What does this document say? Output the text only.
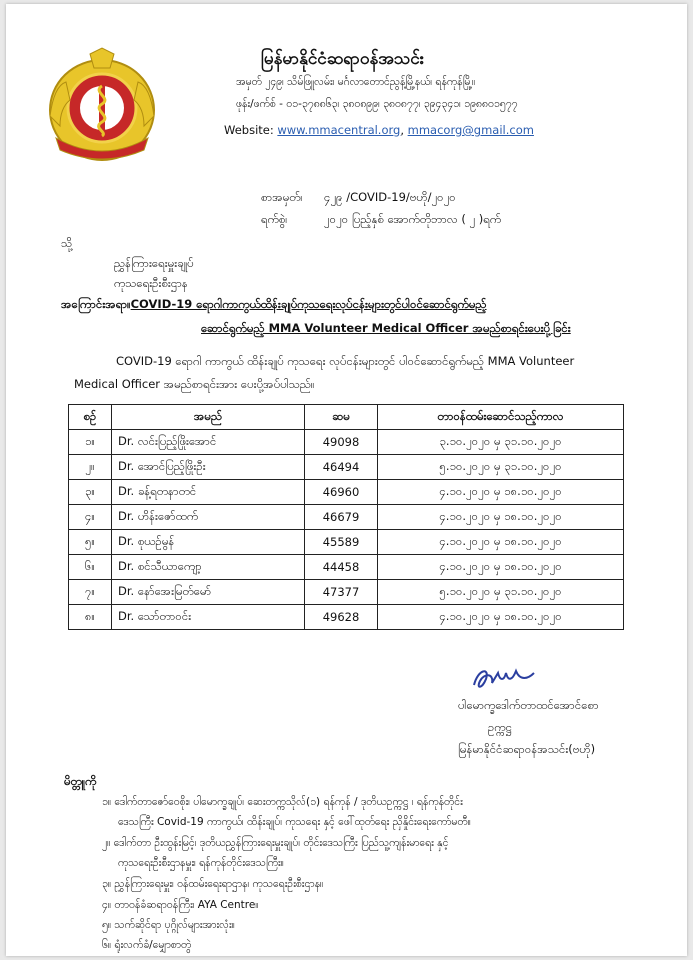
မြန်မာနိုင်ငံဆရာဝန်အသင်း
အမှတ် ၂၄၉၊ သိမ်ဖြူလမ်း၊ မင်္ဂလာတောင်ညွန့်မြို့နယ်၊ ရန်ကုန်မြို့။
ဖုန်း/ဖက်စ် - ၀၁-၃၇၈၈၆၃၊ ၃၈၀၈၉၉၊ ၃၈၀၈၇၇၊ ၃၉၄၃၄၁၊ ၁၉၈၈၀၁၅၇၇
Website: www.mmacentral.org, mmacorg@gmail.com
စာအမှတ်၊ ၄၂၉ /COVID-19/ဗဟို/၂၀၂၀
ရက်စွဲ၊	၂၀၂၀ ပြည့်နှစ် အောက်တိုဘာလ ( ၂ )ရက်
သို့
ညွှန်ကြားရေးမှူးချုပ်
ကုသရေးဦးစီးဌာန
အကြောင်းအရာ။COVID-19 ရောဂါကာကွယ်ထိန်းချုပ်ကုသရေးလုပ်ငန်းများတွင်ပါဝင်ဆောင်ရွက်မည့်
ဆောင်ရွက်မည့် MMA Volunteer Medical Officer အမည်စာရင်းပေးပို့ခြင်း
COVID-19 ရောဂါ ကာကွယ် ထိန်းချုပ် ကုသရေး လုပ်ငန်းများတွင် ပါဝင်ဆောင်ရွက်မည့် MMA Volunteer
Medical Officer အမည်စာရင်းအား ပေးပို့အပ်ပါသည်။
စဉ်	အမည်	ဆမ	တာဝန်ထမ်းဆောင်သည့်ကာလ
၁။	Dr. လင်းပြည့်ဖြိုးအောင်	49098	၃.၁၀.၂၀၂၀ မှ ၃၁.၁၀.၂၀၂၀
၂။	Dr. အောင်ပြည့်ဖြိုးဦး	46494	၅.၁၀.၂၀၂၀ မှ ၃၁.၁၀.၂၀၂၀
၃။	Dr. ခန့်ရတနာတင်	46960	၄.၁၀.၂၀၂၀ မှ ၁၈.၁၀.၂၀၂၀
၄။	Dr. ဟိန်းဇော်ထက်	46679	၄.၁၀.၂၀၂၀ မှ ၁၈.၁၀.၂၀၂၀
၅။	Dr. စုယဉ်မွန်	45589	၄.၁၀.၂၀၂၀ မှ ၁၈.၁၀.၂၀၂၀
၆။	Dr. စင်သီယာကျော့	44458	၄.၁၀.၂၀၂၀ မှ ၁၈.၁၀.၂၀၂၀
၇။	Dr. နော်အေးမြတ်မော်	47377	၅.၁၀.၂၀၂၀ မှ ၃၁.၁၀.၂၀၂၀
၈။	Dr. သော်တာဝင်း	49628	၄.၁၀.၂၀၂၀ မှ ၁၈.၁၀.၂၀၂၀
ပါမောက္ခဒေါက်တာထင်အောင်စော
ဥက္ကဋ္ဌ
မြန်မာနိုင်ငံဆရာဝန်အသင်း(ဗဟို)
မိတ္တူကို
၁။ ဒေါက်တာဇော်ဝေစိုး၊ ပါမောက္ခချုပ်၊ ဆေးတက္ကသိုလ်(၁) ရန်ကုန် / ဒုတိယဥက္ကဋ္ဌ ၊ ရန်ကုန်တိုင်း
ဒေသကြီး Covid-19 ကာကွယ်၊ ထိန်းချုပ်၊ ကုသရေး နှင့် ဖေါ်ထုတ်ရေး ညှိနှိုင်းရေးကော်မတီ။
၂။ ဒေါက်တာ ဦးထွန်းမြင့်၊ ဒုတိယညွှန်ကြားရေးမှူးချုပ်၊ တိုင်းဒေသကြီး ပြည်သူ့ကျန်းမာရေး နှင့်
ကုသရေးဦးစီးဌာနမှူး၊ ရန်ကုန်တိုင်းဒေသကြီး။
၃။ ညွှန်ကြားရေးမှူး၊ ဝန်ထမ်းရေးရာဌာန၊ ကုသရေးဦးစီးဌာန။
၄။ တာဝန်ခံဆရာဝန်ကြီး၊ AYA Centre။
၅။ သက်ဆိုင်ရာ ပုဂ္ဂိုလ်များအားလုံး။
၆။ ရုံးလက်ခံ/မျှောစာတွဲ
